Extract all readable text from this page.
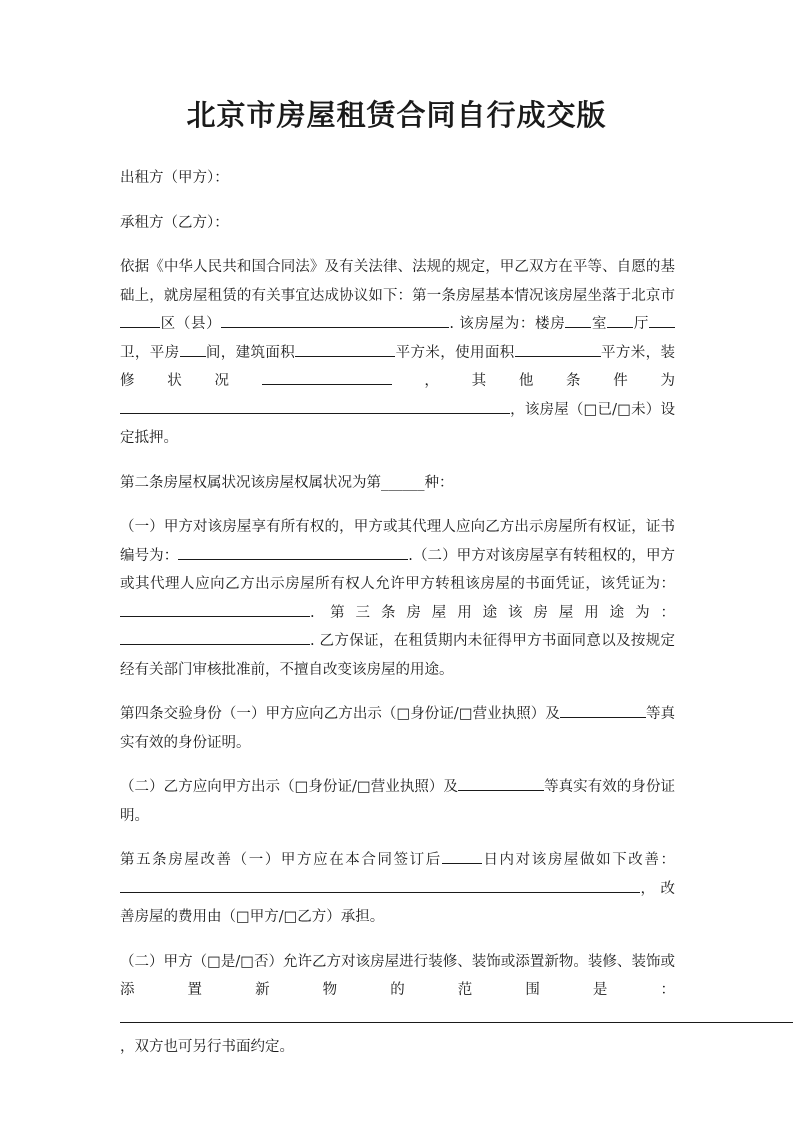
北京市房屋租赁合同自行成交版

出租方（甲方）：

承租方（乙方）：

依据《中华人民共和国合同法》及有关法律、法规的规定，甲乙双方在平等、自愿的基础上，就房屋租赁的有关事宜达成协议如下：第一条房屋基本情况该房屋坐落于北京市区（县）	. 该房屋为：楼房 室 厅卫，平房 间，建筑面积	平方米，使用面积	平方米，装修状况	，其他条件为，该房屋（□已/□未）设定抵押。

第二条房屋权属状况该房屋权属状况为第______种：

（一）甲方对该房屋享有所有权的，甲方或其代理人应向乙方出示房屋所有权证，证书编号为：	.（二）甲方对该房屋享有转租权的，甲方或其代理人应向乙方出示房屋所有权人允许甲方转租该房屋的书面凭证，该凭证为：. 第三条房屋用途该房屋用途为：. 乙方保证，在租赁期内未征得甲方书面同意以及按规定经有关部门审核批准前，不擅自改变该房屋的用途。

第四条交验身份（一）甲方应向乙方出示（□身份证/□营业执照）及	等真实有效的身份证明。

（二）乙方应向甲方出示（□身份证/□营业执照）及	等真实有效的身份证明。

第五条房屋改善（一）甲方应在本合同签订后	日内对该房屋做如下改善：， 改 善房屋的费用由（□甲方/□乙方）承担。

（二）甲方（□是/□否）允许乙方对该房屋进行装修、装饰或添置新物。装修、装饰或添置新物的范围是：，双方也可另行书面约定。
